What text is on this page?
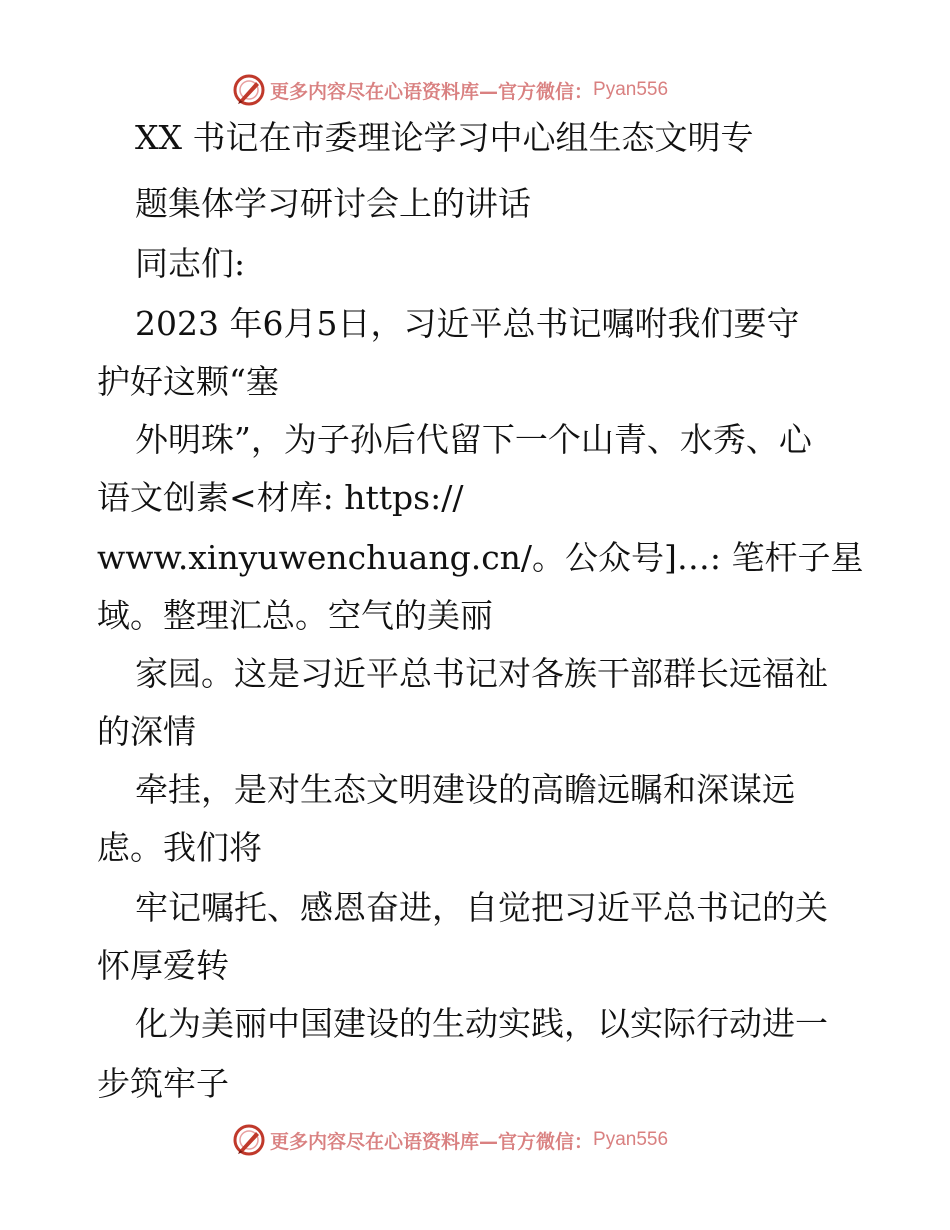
更多内容尽在心语资料库—官方微信： Pyan556
XX 书记在市委理论学习中心组生态文明专
题集体学习研讨会上的讲话
同志们:
2023 年6月5日，习近平总书记嘱咐我们要守
护好这颗“塞
外明珠”，为子孙后代留下一个山青、水秀、心
语文创素<材库: https://
www.xinyuwenchuang.cn/。公众号]…: 笔杆子星
域。整理汇总。空气的美丽
家园。这是习近平总书记对各族干部群长远福祉
的深情
牵挂，是对生态文明建设的高瞻远瞩和深谋远
虑。我们将
牢记嘱托、感恩奋进，自觉把习近平总书记的关
怀厚爱转
化为美丽中国建设的生动实践，以实际行动进一
步筑牢子
更多内容尽在心语资料库—官方微信： Pyan556
